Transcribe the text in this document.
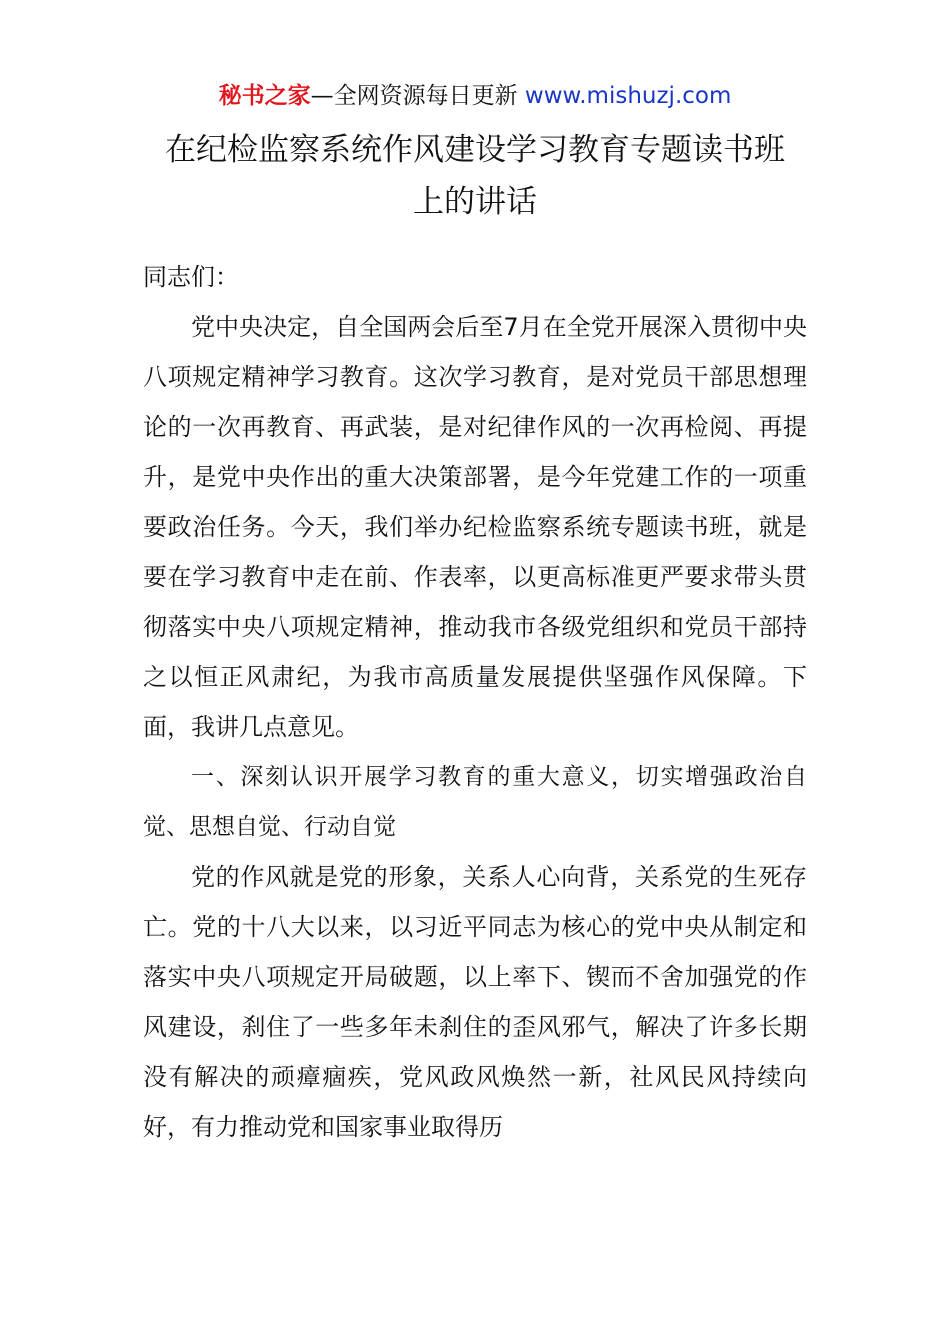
秘书之家—全网资源每日更新 www.mishuzj.com
在纪检监察系统作风建设学习教育专题读书班
上的讲话

同志们：

党中央决定，自全国两会后至7月在全党开展深入贯彻中央八项规定精神学习教育。这次学习教育，是对党员干部思想理论的一次再教育、再武装，是对纪律作风的一次再检阅、再提升，是党中央作出的重大决策部署，是今年党建工作的一项重要政治任务。今天，我们举办纪检监察系统专题读书班，就是要在学习教育中走在前、作表率，以更高标准更严要求带头贯彻落实中央八项规定精神，推动我市各级党组织和党员干部持之以恒正风肃纪，为我市高质量发展提供坚强作风保障。下面，我讲几点意见。

一、深刻认识开展学习教育的重大意义，切实增强政治自觉、思想自觉、行动自觉

党的作风就是党的形象，关系人心向背，关系党的生死存亡。党的十八大以来，以习近平同志为核心的党中央从制定和落实中央八项规定开局破题，以上率下、锲而不舍加强党的作风建设，刹住了一些多年未刹住的歪风邪气，解决了许多长期没有解决的顽瘴痼疾，党风政风焕然一新，社风民风持续向好，有力推动党和国家事业取得历
